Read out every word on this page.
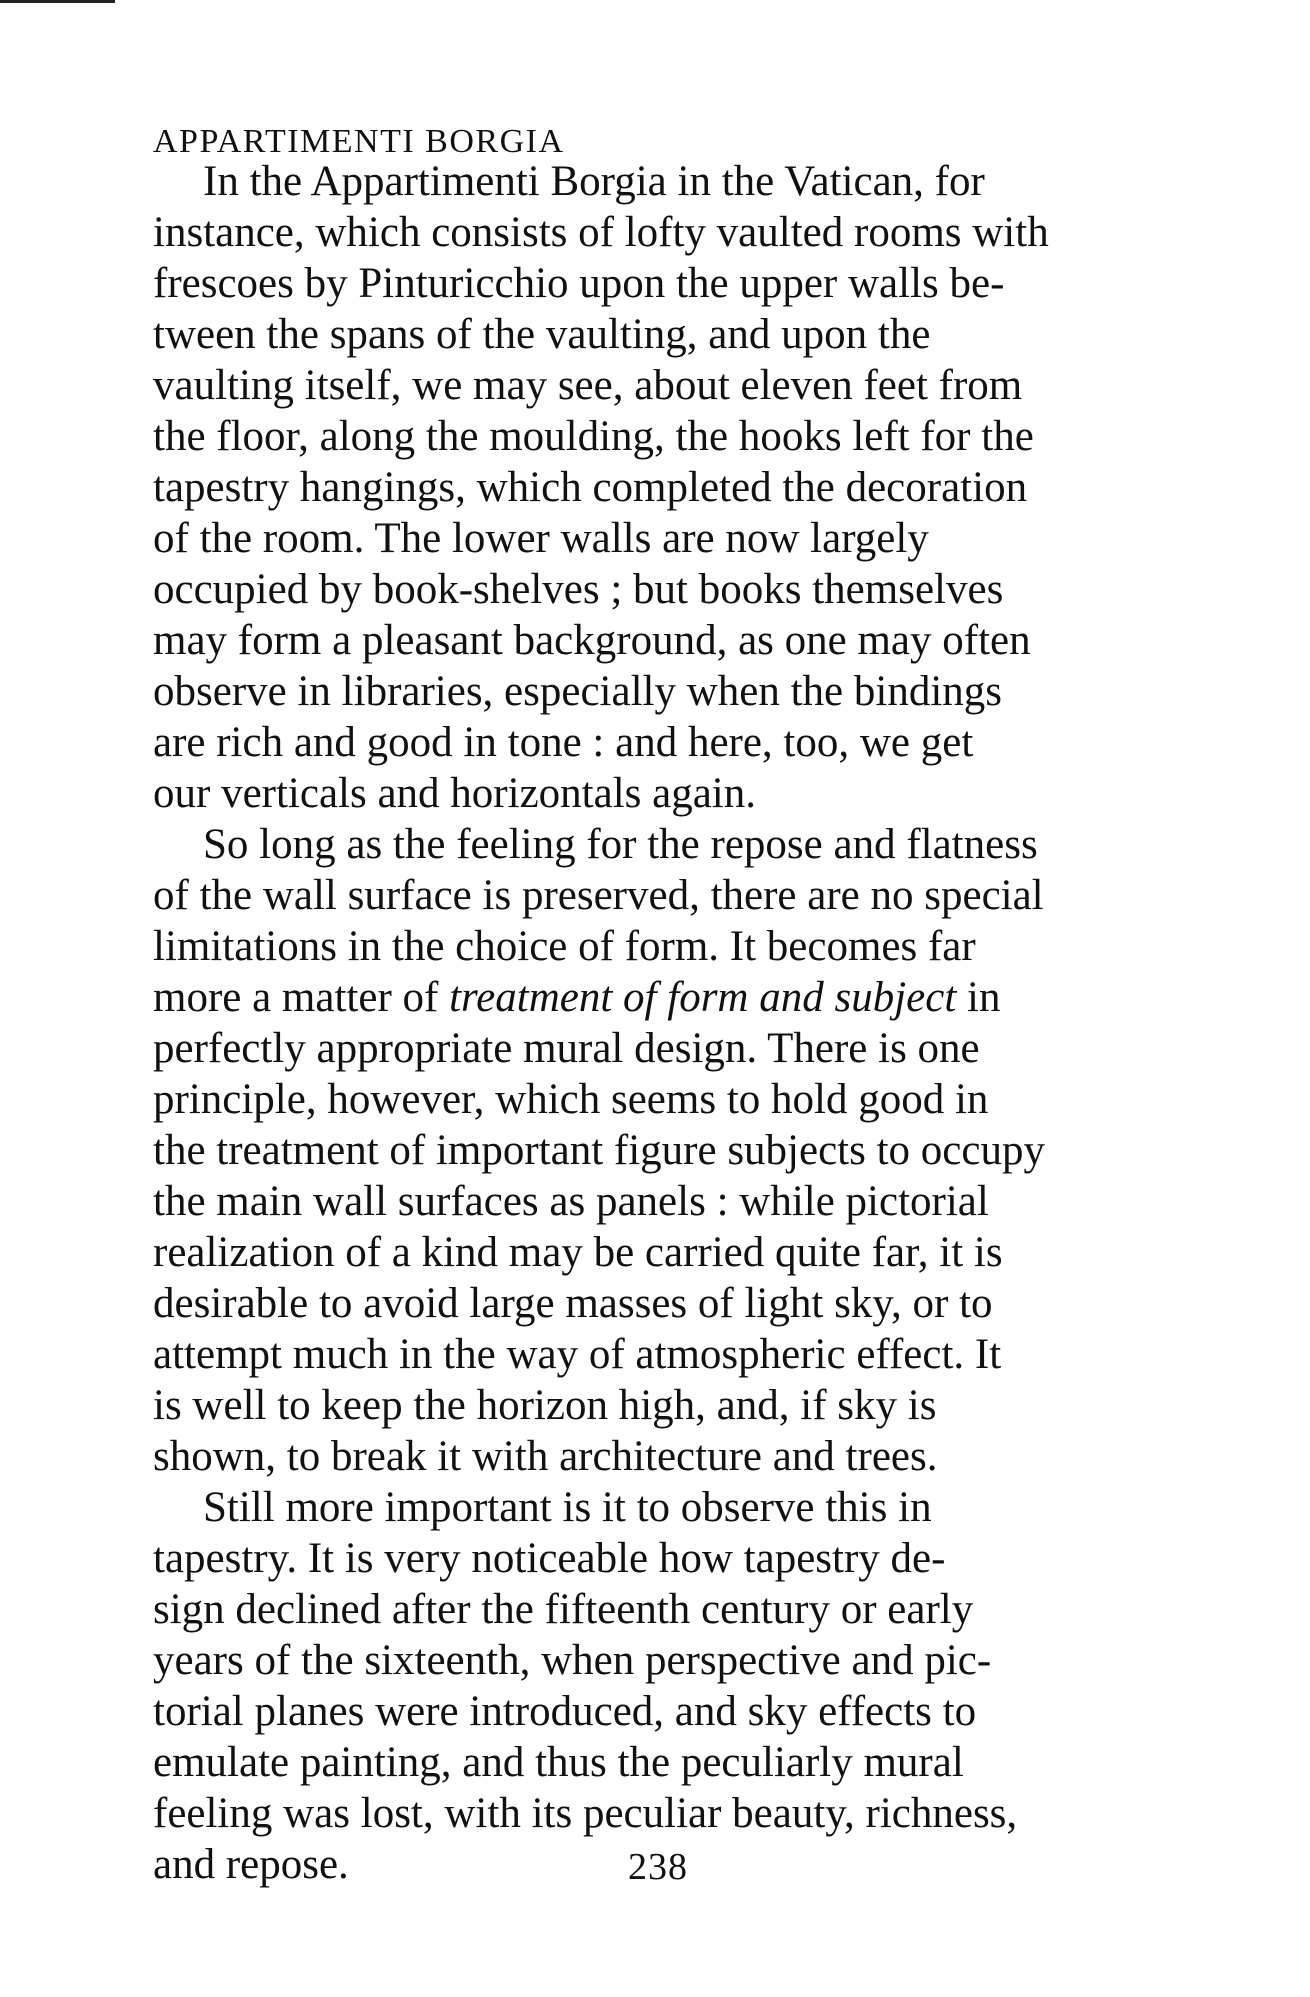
APPARTIMENTI BORGIA
In the Appartimenti Borgia in the Vatican, for
instance, which consists of lofty vaulted rooms with
frescoes by Pinturicchio upon the upper walls be-
tween the spans of the vaulting, and upon the
vaulting itself, we may see, about eleven feet from
the floor, along the moulding, the hooks left for the
tapestry hangings, which completed the decoration
of the room. The lower walls are now largely
occupied by book-shelves ; but books themselves
may form a pleasant background, as one may often
observe in libraries, especially when the bindings
are rich and good in tone : and here, too, we get
our verticals and horizontals again.
So long as the feeling for the repose and flatness
of the wall surface is preserved, there are no special
limitations in the choice of form. It becomes far
more a matter of treatment of form and subject in
perfectly appropriate mural design. There is one
principle, however, which seems to hold good in
the treatment of important figure subjects to occupy
the main wall surfaces as panels : while pictorial
realization of a kind may be carried quite far, it is
desirable to avoid large masses of light sky, or to
attempt much in the way of atmospheric effect. It
is well to keep the horizon high, and, if sky is
shown, to break it with architecture and trees.
Still more important is it to observe this in
tapestry. It is very noticeable how tapestry de-
sign declined after the fifteenth century or early
years of the sixteenth, when perspective and pic-
torial planes were introduced, and sky effects to
emulate painting, and thus the peculiarly mural
feeling was lost, with its peculiar beauty, richness,
and repose.	238
